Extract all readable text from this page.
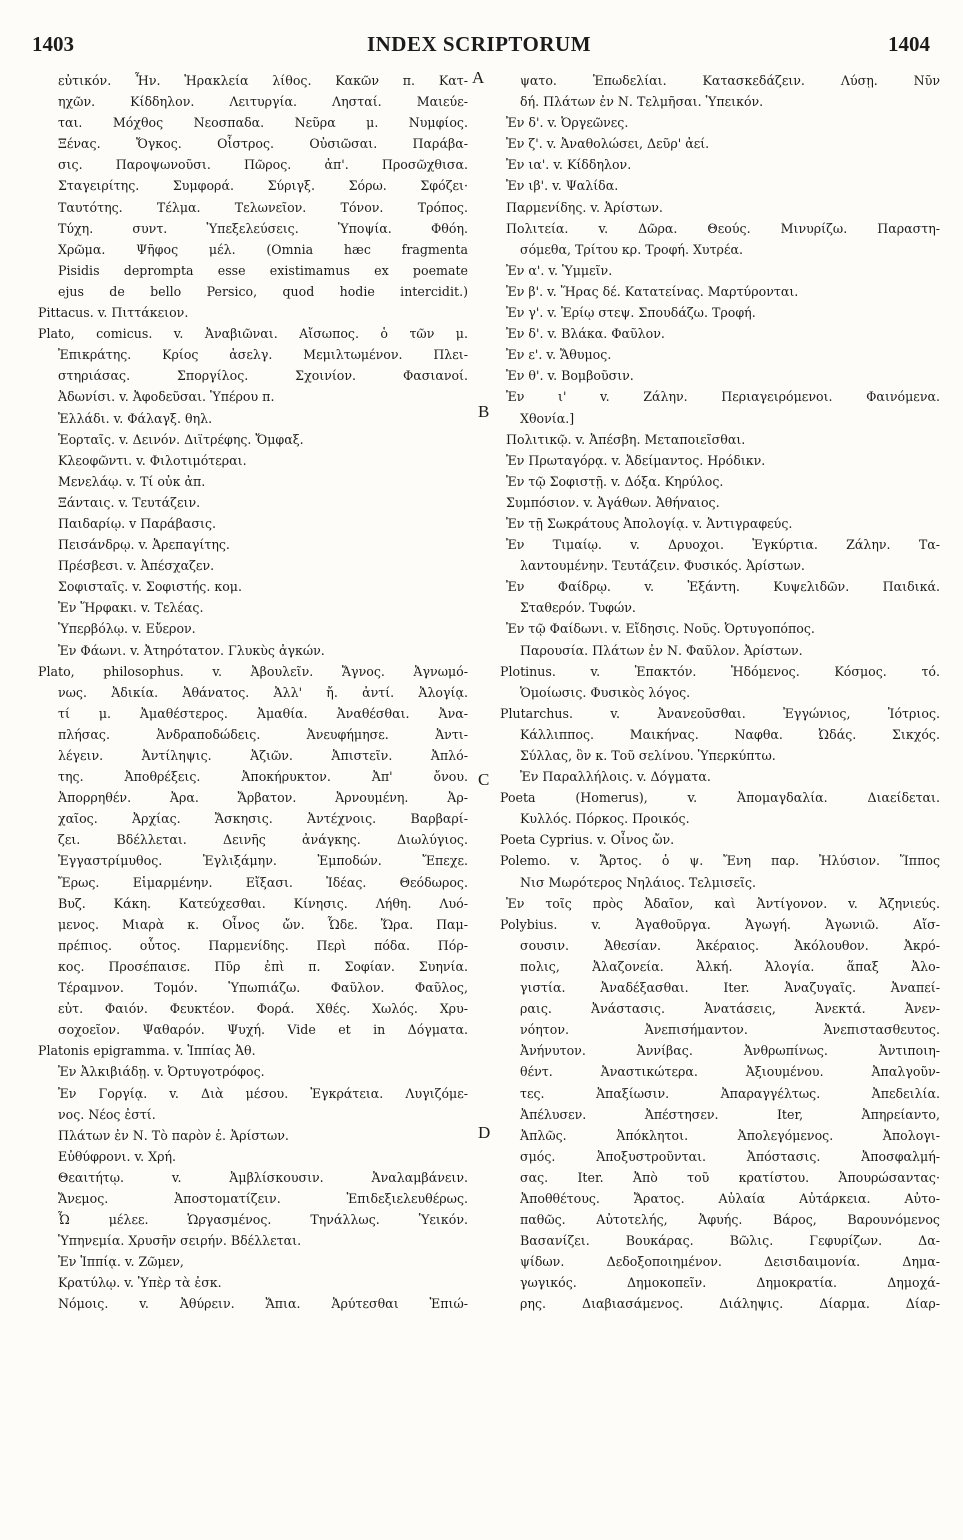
1403	INDEX SCRIPTORUM	1404
εὐτικόν. Ἦν. Ἡρακλεία λίθος. Κακῶν π. Κατ-
ηχῶν. Κίδδηλον. Λειτυργία. Λησταί. Μαιεύε-
ται. Μόχθος Νεοσπαδα. Νεῦρα μ. Νυμφίος.
Ξένας. Ὄγκος. Οἶστρος. Οὐσιῶσαι. Παράβα-
σις. Παροψωνοῦσι. Πῶρος. ἀπ'. Προσῶχθισα.
Σταγειρίτης. Συμφορά. Σύριγξ. Σόρω. Σφόζει·
Ταυτότης. Τέλμα. Τελωνεῖον. Τόνον. Τρόπος.
Τύχη. συντ. Ὑπεξελεύσεις. Ὑποψία. Φθόη.
Χρῶμα. Ψῆφος μέλ. (Omnia hæc fragmenta
Pisidis deprompta esse existimamus ex poemate
ejus de bello Persico, quod hodie intercidit.)
Pittacus. v. Πιττάκειον.
Plato, comicus. v. Ἀναβιῶναι. Αἴσωπος. ὁ τῶν μ.
Ἐπικράτης. Κρίος ἀσελγ. Μεμιλτωμένον. Πλει-
στηριάσας. Σποργίλος. Σχοινίον. Φασιανοί.
Ἀδωνίσι. v. Ἀφοδεῦσαι. Ὑπέρου π.
Ἑλλάδι. v. Φάλαγξ. θηλ.
Ἑορταῖς. v. Δεινόν. Διϊτρέφης. Ὄμφαξ.
Κλεοφῶντι. v. Φιλοτιμότεραι.
Μενελάῳ. v. Τί οὐκ ἀπ.
Ξάνταις. v. Τευτάζειν.
Παιδαρίῳ. v Παράβασις.
Πεισάνδρῳ. v. Ἀρεπαγίτης.
Πρέσβεσι. v. Ἀπέσχαζεν.
Σοφισταῖς. v. Σοφιστής. κομ.
Ἐν Ἥρφακι. v. Τελέας.
Ὑπερβόλῳ. v. Εὔερον.
Ἐν Φάωνι. v. Ἀτηρότατον. Γλυκὺς ἀγκών.
Plato, philosophus. v. Ἀβουλεῖν. Ἄγνος. Ἀγνωμό-
νως. Ἀδικία. Ἀθάνατος. Ἀλλ' ἤ. ἀντί. Ἀλογίᾳ.
τί μ. Ἀμαθέστερος. Ἀμαθία. Ἀναθέσθαι. Ἀνα-
πλήσας. Ἀνδραποδώδεις. Ἀνευφήμησε. Ἀντι-
λέγειν. Ἀντίληψις. Ἀζιῶν. Ἀπιστεῖν. Ἀπλό-
της. Ἀποθρέξεις. Ἀποκήρυκτον. Ἀπ' ὄνου.
Ἀπορρηθέν. Ἀρα. Ἄρβατον. Ἀρνουμένη. Ἀρ-
χαῖος. Ἀρχίας. Ἄσκησις. Ἀντέχνοις. Βαρβαρί-
ζει. Βδέλλεται. Δεινῆς ἀνάγκης. Διωλύγιος.
Ἐγγαστρίμυθος. Ἐγλιξάμην. Ἐμποδών. Ἔπεχε.
Ἔρως. Εἱμαρμένην. Εἴξασι. Ἰδέας. Θεόδωρος.
Βυζ. Κάκη. Κατεύχεσθαι. Κίνησις. Λήθη. Λυό-
μενος. Μιαρὰ κ. Οἶνος ὤν. Ὧδε. Ὥρα. Παμ-
πρέπιος. οὗτος. Παρμενίδης. Περὶ πόδα. Πόρ-
κος. Προσέπαισε. Πῦρ ἐπὶ π. Σοφίαν. Συηνία.
Τέραμνον. Τομόν. Ὑπωπιάζω. Φαῦλον. Φαῦλος,
εὐτ. Φαιόν. Φευκτέον. Φορά. Χθές. Χωλός. Χρυ-
σοχοεῖον. Ψαθαρόν. Ψυχή. Vide et in Δόγματα.
Platonis epigramma. v. Ἱππίας Ἀθ.
Ἐν Ἀλκιβιάδῃ. v. Ὀρτυγοτρόφος.
Ἐν Γοργίᾳ. v. Διὰ μέσου. Ἐγκράτεια. Λυγιζόμε-
νος. Νέος ἐστί.
Πλάτων ἐν Ν. Τὸ παρὸν ἑ. Ἀρίστων.
Εὐθύφρονι. v. Χρή.
Θεαιτήτῳ. v. Ἀμβλίσκουσιν. Ἀναλαμβάνειν.
Ἄνεμος. Ἀποστοματίζειν. Ἐπιδεξιελευθέρως.
Ὦ μέλεε. Ὡργασμένος. Τηνάλλως. Ὑεικόν.
Ὑπηνεμία. Χρυσῆν σειρήν. Βδέλλεται.
Ἐν Ἱππίᾳ. v. Ζῶμεν,
Κρατύλῳ. v. Ὑπὲρ τὰ ἐσκ.
Νόμοις. v. Ἀθύρειν. Ἄπια. Ἀρύτεσθαι Ἐπιώ-
ψατο. Ἐπωδελίαι. Κατασκεδάζειν. Λύσῃ. Νῦν
δή. Πλάτων ἐν Ν. Τελμῆσαι. Ὑπεικόν.
Ἐν δ'. v. Ὀργεῶνες.
Ἐν ζ'. v. Ἀναθολώσει, Δεῦρ' ἀεί.
Ἐν ια'. v. Κίδδηλον.
Ἐν ιβ'. v. Ψαλίδα.
Παρμενίδης. v. Ἀρίστων.
Πολιτεία. v. Δῶρα. Θεούς. Μινυρίζω. Παραστη-
σόμεθα, Τρίτου κρ. Τροφή. Χυτρέα.
Ἐν α'. v. Ὑμμεῖν.
Ἐν β'. v. Ἥρας δέ. Κατατείνας. Μαρτύρονται.
Ἐν γ'. v. Ἐρίῳ στεψ. Σπουδάζω. Τροφή.
Ἐν δ'. v. Βλάκα. Φαῦλον.
Ἐν ε'. v. Ἄθυμος.
Ἐν θ'. v. Βομβοῦσιν.
Ἐν ι' v. Ζάλην. Περιαγειρόμενοι. Φαινόμενα.
Χθονία.]
Πολιτικῷ. v. Ἀπέσβη. Μεταποιεῖσθαι.
Ἐν Πρωταγόρᾳ. v. Ἀδείμαντος. Ηρόδικν.
Ἐν τῷ Σοφιστῇ. v. Δόξα. Κηρύλος.
Συμπόσιον. v. Ἀγάθων. Ἀθήναιος.
Ἐν τῇ Σωκράτους Ἀπολογίᾳ. v. Ἀντιγραφεύς.
Ἐν Τιμαίῳ. v. Δρυοχοι. Ἐγκύρτια. Ζάλην. Τα-
λαντουμένην. Τευτάζειν. Φυσικός. Ἀρίστων.
Ἐν Φαίδρῳ. v. Ἐξάντη. Κυψελιδῶν. Παιδικά.
Σταθερόν. Τυφών.
Ἐν τῷ Φαίδωνι. v. Εἴδησις. Νοῦς. Ὀρτυγοπόπος.
Παρουσία. Πλάτων ἐν Ν. Φαῦλον. Ἀρίστων.
Plotinus. v. Ἐπακτόν. Ἡδόμενος. Κόσμος. τό.
Ὁμοίωσις. Φυσικὸς λόγος.
Plutarchus. v. Ἀνανεοῦσθαι. Ἐγγώνιος, Ἰότριος.
Κάλλιππος. Μαικήνας. Ναφθα. Ὠδάς. Σικχός.
Σύλλας, ὃν κ. Τοῦ σελίνου. Ὑπερκύπτω.
Ἐν Παραλλήλοις. v. Δόγματα.
Poeta (Homerus), v. Ἀπομαγδαλία. Διαείδεται.
Κυλλός. Πόρκος. Προικός.
Poeta Cyprius. v. Οἶνος ὤν.
Polemo. v. Ἄρτος. ὁ ψ. Ἔνη παρ. Ἠλύσιον. Ἵππος
Νισ Μωρότερος Νηλάιος. Τελμισεῖς.
Ἐν τοῖς πρὸς Ἀδαῖον, καὶ Ἀντίγονον. v. Ἀζηνιεύς.
Polybius. v. Ἀγαθοῦργα. Ἀγωγή. Ἀγωνιῶ. Αἴσ-
σουσιν. Ἀθεσίαν. Ἀκέραιος. Ἀκόλουθον. Ἀκρό-
πολις, Ἀλαζονεία. Ἀλκή. Ἀλογία. ἅπαξ Ἀλο-
γιστία. Ἀναδέξασθαι. Iter. Ἀναζυγαῖς. Ἀναπεί-
ραις. Ἀνάστασις. Ἀνατάσεις, Ἀνεκτά. Ἀνεν-
νόητον. Ἀνεπισήμαντον. Ἀνεπιστασθευτος.
Ἀνήνυτον. Ἀννίβας. Ἀνθρωπίνως. Ἀντιποιη-
θέντ. Ἀναστικώτερα. Ἀξιουμένου. Ἀπαλγοῦν-
τες. Ἀπαξίωσιν. Ἀπαραγγέλτως. Ἀπεδειλία.
Ἀπέλυσεν. Ἀπέστησεν. Iter, Ἀπηρείαντο,
Ἀπλῶς. Ἀπόκλητοι. Ἀπολεγόμενος. Ἀπολογι-
σμός. Ἀποξυστροῦνται. Ἀπόστασις. Ἀποσφαλμή-
σας. Iter. Ἀπὸ τοῦ κρατίστου. Ἀπουρώσαντας·
Ἀποθθέτους. Ἄρατος. Αὐλαία Αὐτάρκεια. Αὐτο-
παθῶς. Αὐτοτελής, Ἀφυής. Βάρος, Βαρουνόμενος
Βασανίζει. Βουκάρας. Βῶλις. Γεφυρίζων. Δα-
ψίδων. Δεδοξοποιημένον. Δεισιδαιμονία. Δημα-
γωγικός. Δημοκοπεῖν. Δημοκρατία. Δημοχά-
ρης. Διαβιασάμενος. Διάληψις. Δίαρμα. Δίαρ-
A
B
C
D
